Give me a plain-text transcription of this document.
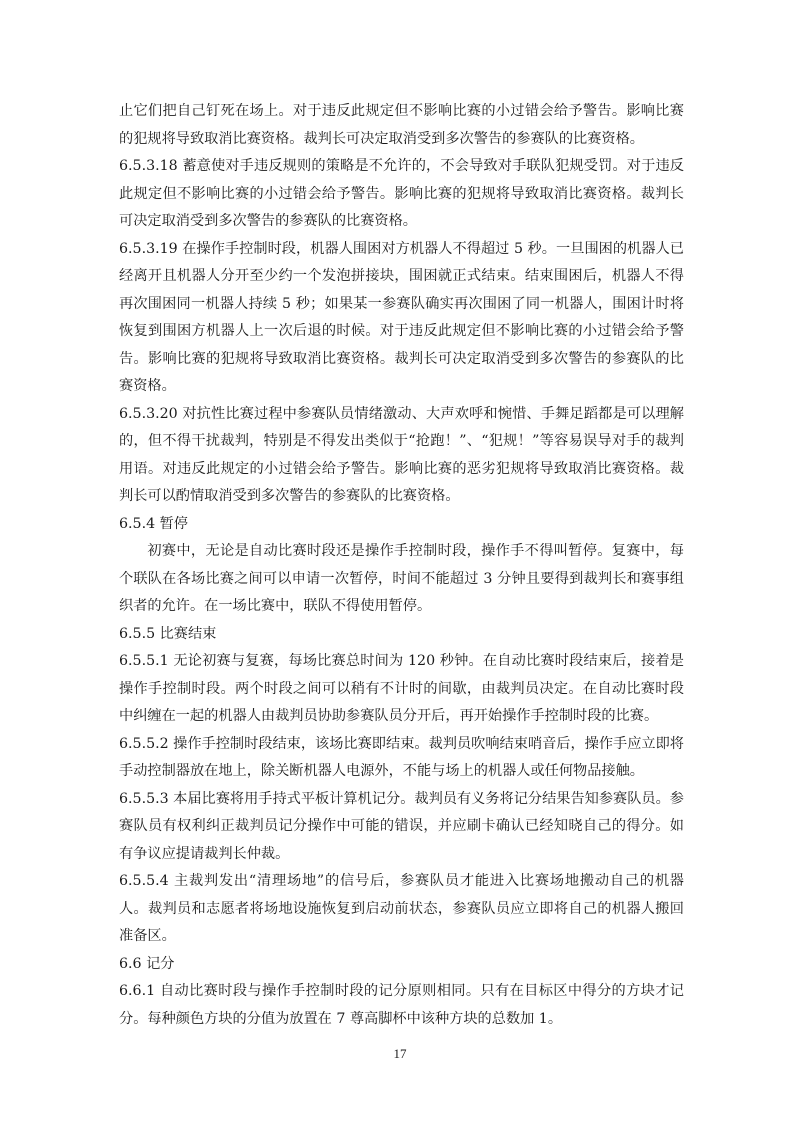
止它们把自己钉死在场上。对于违反此规定但不影响比赛的小过错会给予警告。影响比赛的犯规将导致取消比赛资格。裁判长可决定取消受到多次警告的参赛队的比赛资格。

6.5.3.18 蓄意使对手违反规则的策略是不允许的，不会导致对手联队犯规受罚。对于违反此规定但不影响比赛的小过错会给予警告。影响比赛的犯规将导致取消比赛资格。裁判长可决定取消受到多次警告的参赛队的比赛资格。

6.5.3.19 在操作手控制时段，机器人围困对方机器人不得超过 5 秒。一旦围困的机器人已经离开且机器人分开至少约一个发泡拼接块，围困就正式结束。结束围困后，机器人不得再次围困同一机器人持续 5 秒；如果某一参赛队确实再次围困了同一机器人，围困计时将恢复到围困方机器人上一次后退的时候。对于违反此规定但不影响比赛的小过错会给予警告。影响比赛的犯规将导致取消比赛资格。裁判长可决定取消受到多次警告的参赛队的比赛资格。

6.5.3.20 对抗性比赛过程中参赛队员情绪激动、大声欢呼和惋惜、手舞足蹈都是可以理解的，但不得干扰裁判，特别是不得发出类似于“抢跑！”、“犯规！”等容易误导对手的裁判用语。对违反此规定的小过错会给予警告。影响比赛的恶劣犯规将导致取消比赛资格。裁判长可以酌情取消受到多次警告的参赛队的比赛资格。

6.5.4 暂停

初赛中，无论是自动比赛时段还是操作手控制时段，操作手不得叫暂停。复赛中，每个联队在各场比赛之间可以申请一次暂停，时间不能超过 3 分钟且要得到裁判长和赛事组织者的允许。在一场比赛中，联队不得使用暂停。

6.5.5 比赛结束

6.5.5.1 无论初赛与复赛，每场比赛总时间为 120 秒钟。在自动比赛时段结束后，接着是操作手控制时段。两个时段之间可以稍有不计时的间歇，由裁判员决定。在自动比赛时段中纠缠在一起的机器人由裁判员协助参赛队员分开后，再开始操作手控制时段的比赛。

6.5.5.2 操作手控制时段结束，该场比赛即结束。裁判员吹响结束哨音后，操作手应立即将手动控制器放在地上，除关断机器人电源外，不能与场上的机器人或任何物品接触。

6.5.5.3 本届比赛将用手持式平板计算机记分。裁判员有义务将记分结果告知参赛队员。参赛队员有权利纠正裁判员记分操作中可能的错误，并应刷卡确认已经知晓自己的得分。如有争议应提请裁判长仲裁。

6.5.5.4 主裁判发出“清理场地”的信号后，参赛队员才能进入比赛场地搬动自己的机器人。裁判员和志愿者将场地设施恢复到启动前状态，参赛队员应立即将自己的机器人搬回准备区。

6.6 记分

6.6.1 自动比赛时段与操作手控制时段的记分原则相同。只有在目标区中得分的方块才记分。每种颜色方块的分值为放置在 7 尊高脚杯中该种方块的总数加 1。

17
